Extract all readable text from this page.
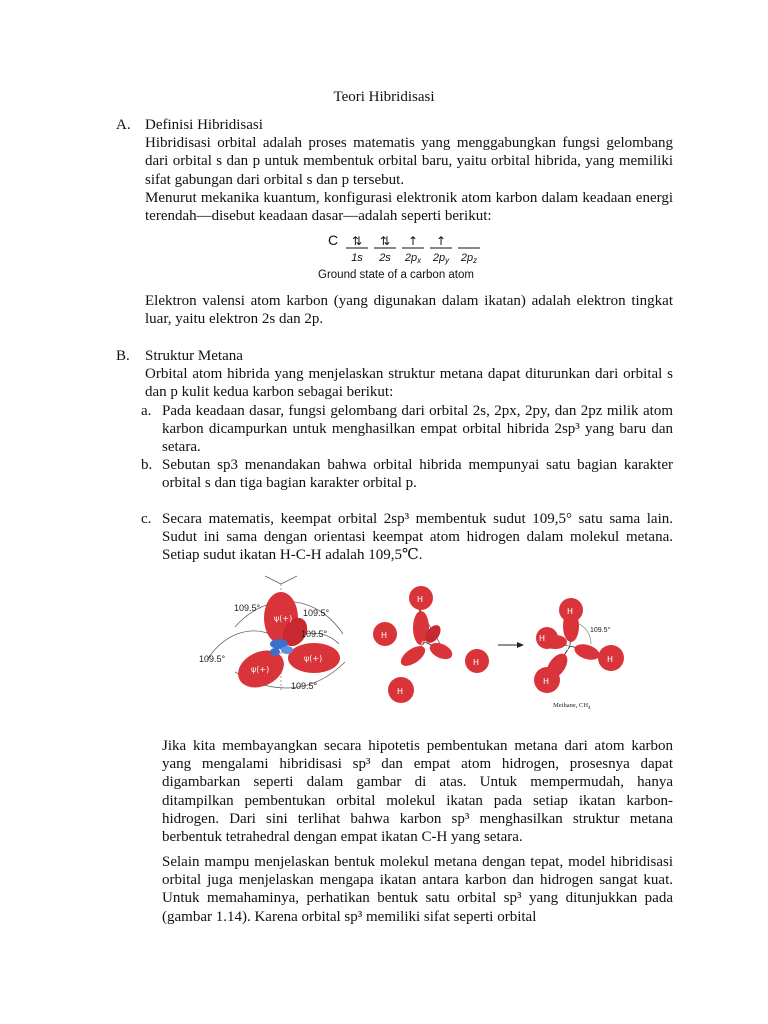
Teori Hibridisasi
A. Definisi Hibridisasi

Hibridisasi orbital adalah proses matematis yang menggabungkan fungsi gelombang dari orbital s dan p untuk membentuk orbital baru, yaitu orbital hibrida, yang memiliki sifat gabungan dari orbital s dan p tersebut.

Menurut mekanika kuantum, konfigurasi elektronik atom karbon dalam keadaan energi terendah—disebut keadaan dasar—adalah seperti berikut:

C ⇅
1s
⇅
2s
↑
2px
↑
2py 2pz
Ground state of a carbon atom
Elektron valensi atom karbon (yang digunakan dalam ikatan) adalah elektron tingkat luar, yaitu elektron 2s dan 2p.
B. Struktur Metana

Orbital atom hibrida yang menjelaskan struktur metana dapat diturunkan dari orbital s dan p kulit kedua karbon sebagai berikut:

a. Pada keadaan dasar, fungsi gelombang dari orbital 2s, 2px, 2py, dan 2pz milik atom karbon dicampurkan untuk menghasilkan empat orbital hibrida 2sp³ yang baru dan setara.
b. Sebutan sp3 menandakan bahwa orbital hibrida mempunyai satu bagian karakter orbital s dan tiga bagian karakter orbital p.
c. Secara matematis, keempat orbital 2sp³ membentuk sudut 109,5° satu sama lain. Sudut ini sama dengan orientasi keempat atom hidrogen dalam molekul metana. Setiap sudut ikatan H-C-H adalah 109,5℃.
ψ(+)
ψ(+)
ψ(+)
109.5°	109.5°
109.5°
109.5°
109.5°
C
H
H
H
H
H
H
H
H
C
109.5°
Methane, $CH_4$
Jika kita membayangkan secara hipotetis pembentukan metana dari atom karbon yang mengalami hibridisasi sp³ dan empat atom hidrogen, prosesnya dapat digambarkan seperti dalam gambar di atas. Untuk mempermudah, hanya ditampilkan pembentukan orbital molekul ikatan pada setiap ikatan karbon-hidrogen. Dari sini terlihat bahwa karbon sp³ menghasilkan struktur metana berbentuk tetrahedral dengan empat ikatan C-H yang setara.
Selain mampu menjelaskan bentuk molekul metana dengan tepat, model hibridisasi orbital juga menjelaskan mengapa ikatan antara karbon dan hidrogen sangat kuat. Untuk memahaminya, perhatikan bentuk satu orbital sp³ yang ditunjukkan pada (gambar 1.14). Karena orbital sp³ memiliki sifat seperti orbital
